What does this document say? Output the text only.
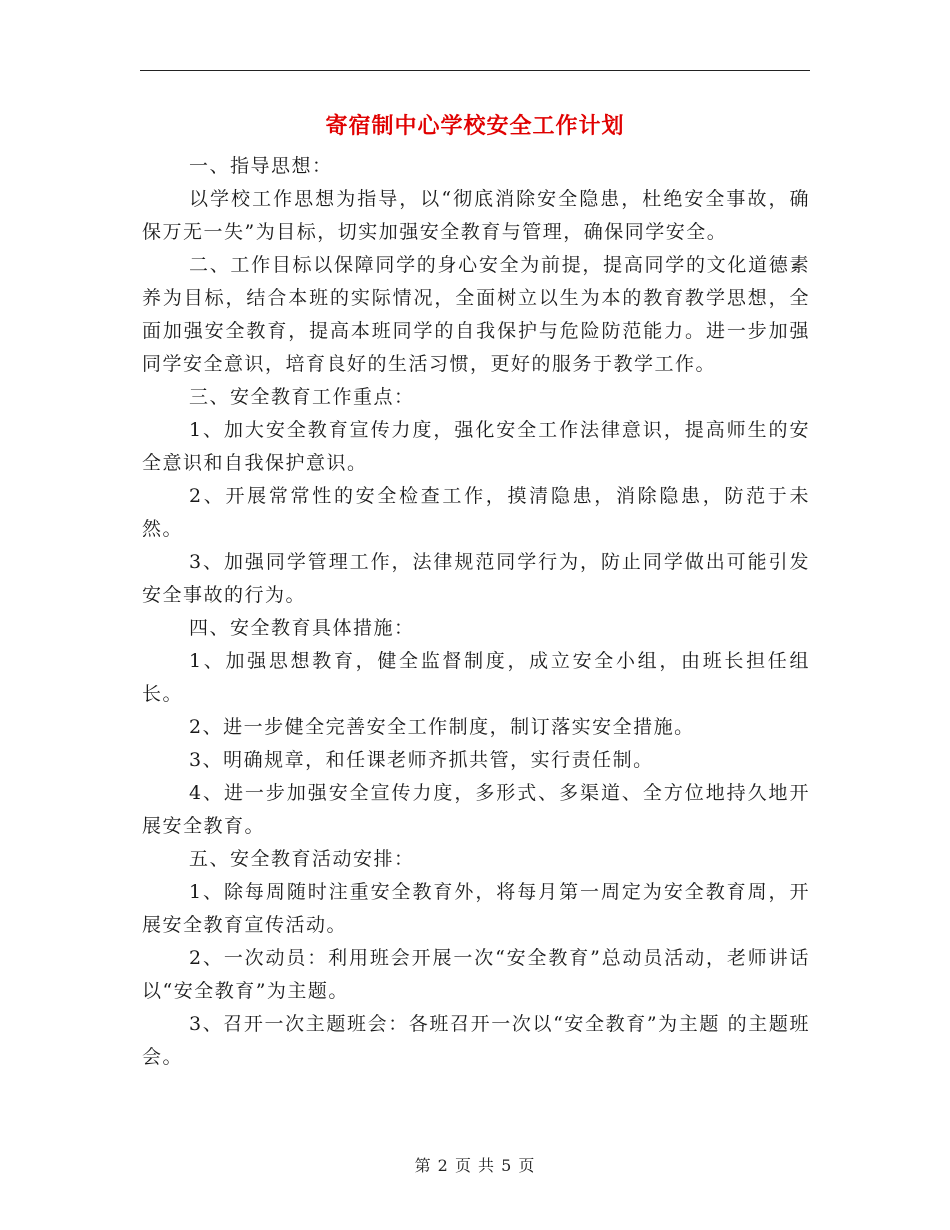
寄宿制中心学校安全工作计划

一、指导思想：

以学校工作思想为指导，以“彻底消除安全隐患，杜绝安全事故，确保万无一失”为目标，切实加强安全教育与管理，确保同学安全。

二、工作目标以保障同学的身心安全为前提，提高同学的文化道德素养为目标，结合本班的实际情况，全面树立以生为本的教育教学思想，全面加强安全教育，提高本班同学的自我保护与危险防范能力。进一步加强同学安全意识，培育良好的生活习惯，更好的服务于教学工作。

三、安全教育工作重点：

1、加大安全教育宣传力度，强化安全工作法律意识，提高师生的安全意识和自我保护意识。

2、开展常常性的安全检查工作，摸清隐患，消除隐患，防范于未然。

3、加强同学管理工作，法律规范同学行为，防止同学做出可能引发安全事故的行为。

四、安全教育具体措施：

1、加强思想教育，健全监督制度，成立安全小组，由班长担任组长。

2、进一步健全完善安全工作制度，制订落实安全措施。

3、明确规章，和任课老师齐抓共管，实行责任制。

4、进一步加强安全宣传力度，多形式、多渠道、全方位地持久地开展安全教育。

五、安全教育活动安排：

1、除每周随时注重安全教育外，将每月第一周定为安全教育周，开展安全教育宣传活动。

2、一次动员：利用班会开展一次“安全教育”总动员活动，老师讲话以“安全教育”为主题。

3、召开一次主题班会：各班召开一次以“安全教育”为主题 的主题班会。

第 2 页 共 5 页
